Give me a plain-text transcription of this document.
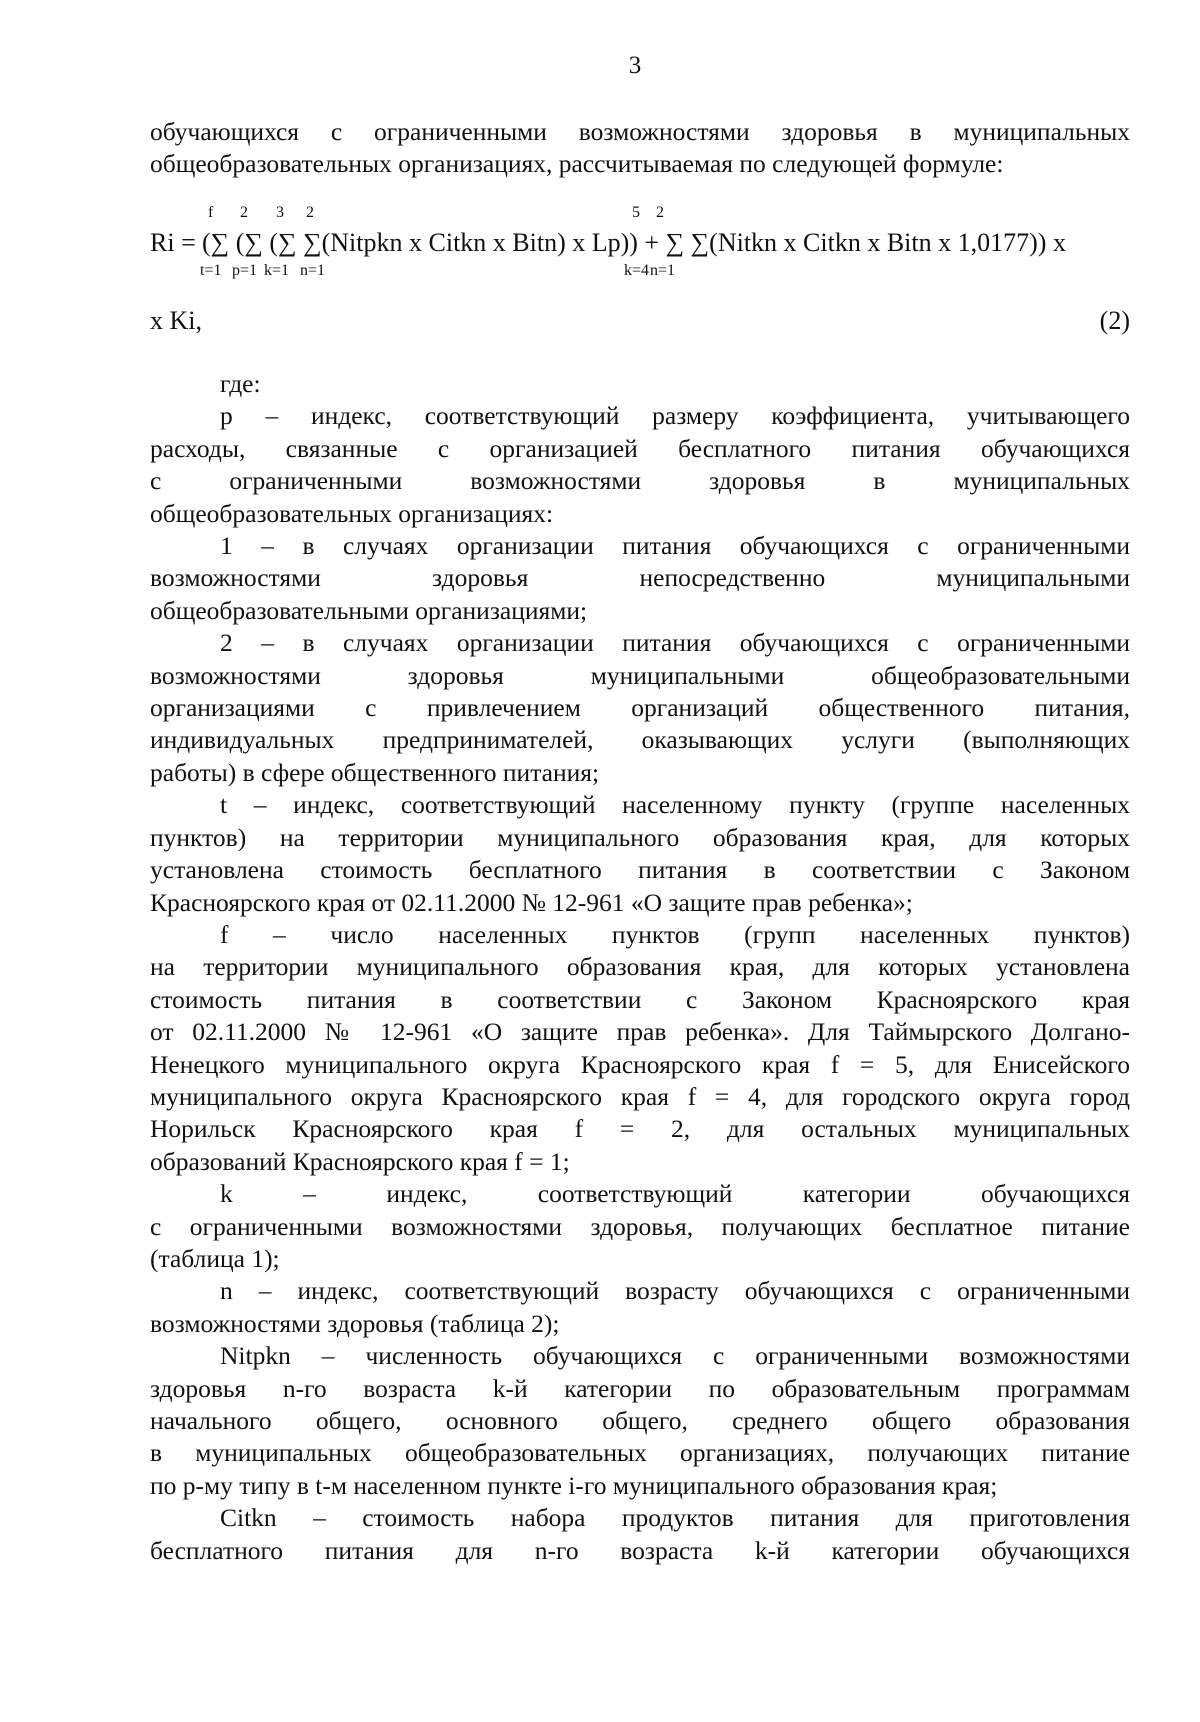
3

обучающихся с ограниченными возможностями здоровья в муниципальных

общеобразовательных организациях, рассчитываемая по следующей формуле:

f 2 3 2	5 2
Ri = (∑ (∑ (∑ ∑(Nitpkn x Citkn x Bitn) x Lp)) + ∑ ∑(Nitkn x Citkn x Bitn x 1,0177)) x
t=1 p=1 k=1 n=1	k=4 n=1
x Ki,	(2)

где:

p – индекс, соответствующий размеру коэффициента, учитывающего

расходы, связанные с организацией бесплатного питания обучающихся

с ограниченными возможностями здоровья в муниципальных

общеобразовательных организациях:

1 – в случаях организации питания обучающихся с ограниченными

возможностями здоровья непосредственно муниципальными

общеобразовательными организациями;

2 – в случаях организации питания обучающихся с ограниченными

возможностями здоровья муниципальными общеобразовательными

организациями с привлечением организаций общественного питания,

индивидуальных предпринимателей, оказывающих услуги (выполняющих

работы) в сфере общественного питания;

t – индекс, соответствующий населенному пункту (группе населенных

пунктов) на территории муниципального образования края, для которых

установлена стоимость бесплатного питания в соответствии с Законом

Красноярского края от 02.11.2000 № 12-961 «О защите прав ребенка»;

f – число населенных пунктов (групп населенных пунктов)

на территории муниципального образования края, для которых установлена

стоимость питания в соответствии с Законом Красноярского края

от 02.11.2000 № 12-961 «О защите прав ребенка». Для Таймырского Долгано-

Ненецкого муниципального округа Красноярского края f = 5, для Енисейского

муниципального округа Красноярского края f = 4, для городского округа город

Норильск Красноярского края f = 2, для остальных муниципальных

образований Красноярского края f = 1;

k – индекс, соответствующий категории обучающихся

с ограниченными возможностями здоровья, получающих бесплатное питание

(таблица 1);

n – индекс, соответствующий возрасту обучающихся с ограниченными

возможностями здоровья (таблица 2);

Nitpkn – численность обучающихся с ограниченными возможностями

здоровья n-го возраста k-й категории по образовательным программам

начального общего, основного общего, среднего общего образования

в муниципальных общеобразовательных организациях, получающих питание

по p-му типу в t-м населенном пункте i-го муниципального образования края;

Citkn – стоимость набора продуктов питания для приготовления

бесплатного питания для n-го возраста k-й категории обучающихся
